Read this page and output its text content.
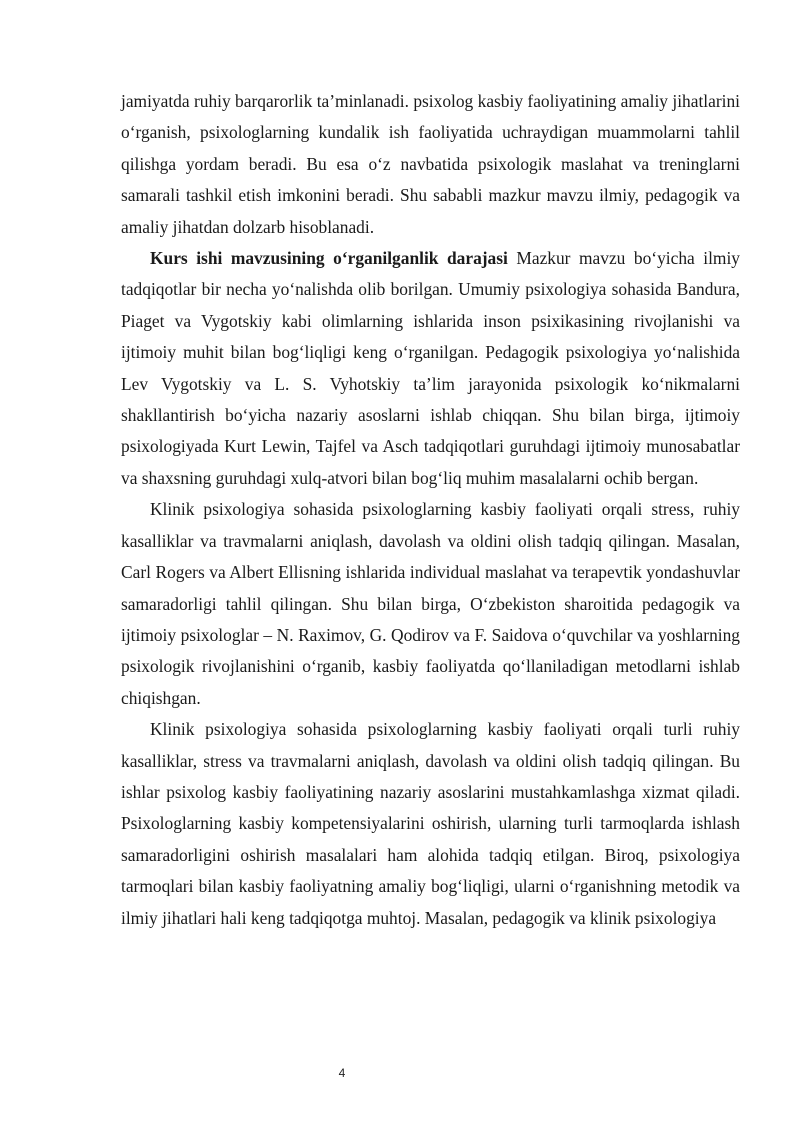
jamiyatda ruhiy barqarorlik ta’minlanadi. psixolog kasbiy faoliyatining amaliy jihatlarini o‘rganish, psixologlarning kundalik ish faoliyatida uchraydigan muammolarni tahlil qilishga yordam beradi. Bu esa o‘z navbatida psixologik maslahat va treninglarni samarali tashkil etish imkonini beradi. Shu sababli mazkur mavzu ilmiy, pedagogik va amaliy jihatdan dolzarb hisoblanadi.

Kurs ishi mavzusining o‘rganilganlik darajasi Mazkur mavzu bo‘yicha ilmiy tadqiqotlar bir necha yo‘nalishda olib borilgan. Umumiy psixologiya sohasida Bandura, Piaget va Vygotskiy kabi olimlarning ishlarida inson psixikasining rivojlanishi va ijtimoiy muhit bilan bog‘liqligi keng o‘rganilgan. Pedagogik psixologiya yo‘nalishida Lev Vygotskiy va L. S. Vyhotskiy ta’lim jarayonida psixologik ko‘nikmalarni shakllantirish bo‘yicha nazariy asoslarni ishlab chiqqan. Shu bilan birga, ijtimoiy psixologiyada Kurt Lewin, Tajfel va Asch tadqiqotlari guruhdagi ijtimoiy munosabatlar va shaxsning guruhdagi xulq-atvori bilan bog‘liq muhim masalalarni ochib bergan.

Klinik psixologiya sohasida psixologlarning kasbiy faoliyati orqali stress, ruhiy kasalliklar va travmalarni aniqlash, davolash va oldini olish tadqiq qilingan. Masalan, Carl Rogers va Albert Ellisning ishlarida individual maslahat va terapevtik yondashuvlar samaradorligi tahlil qilingan. Shu bilan birga, O‘zbekiston sharoitida pedagogik va ijtimoiy psixologlar – N. Raximov, G. Qodirov va F. Saidova o‘quvchilar va yoshlarning psixologik rivojlanishini o‘rganib, kasbiy faoliyatda qo‘llaniladigan metodlarni ishlab chiqishgan.

Klinik psixologiya sohasida psixologlarning kasbiy faoliyati orqali turli ruhiy kasalliklar, stress va travmalarni aniqlash, davolash va oldini olish tadqiq qilingan. Bu ishlar psixolog kasbiy faoliyatining nazariy asoslarini mustahkamlashga xizmat qiladi. Psixologlarning kasbiy kompetensiyalarini oshirish, ularning turli tarmoqlarda ishlash samaradorligini oshirish masalalari ham alohida tadqiq etilgan. Biroq, psixologiya tarmoqlari bilan kasbiy faoliyatning amaliy bog‘liqligi, ularni o‘rganishning metodik va ilmiy jihatlari hali keng tadqiqotga muhtoj. Masalan, pedagogik va klinik psixologiya

4
